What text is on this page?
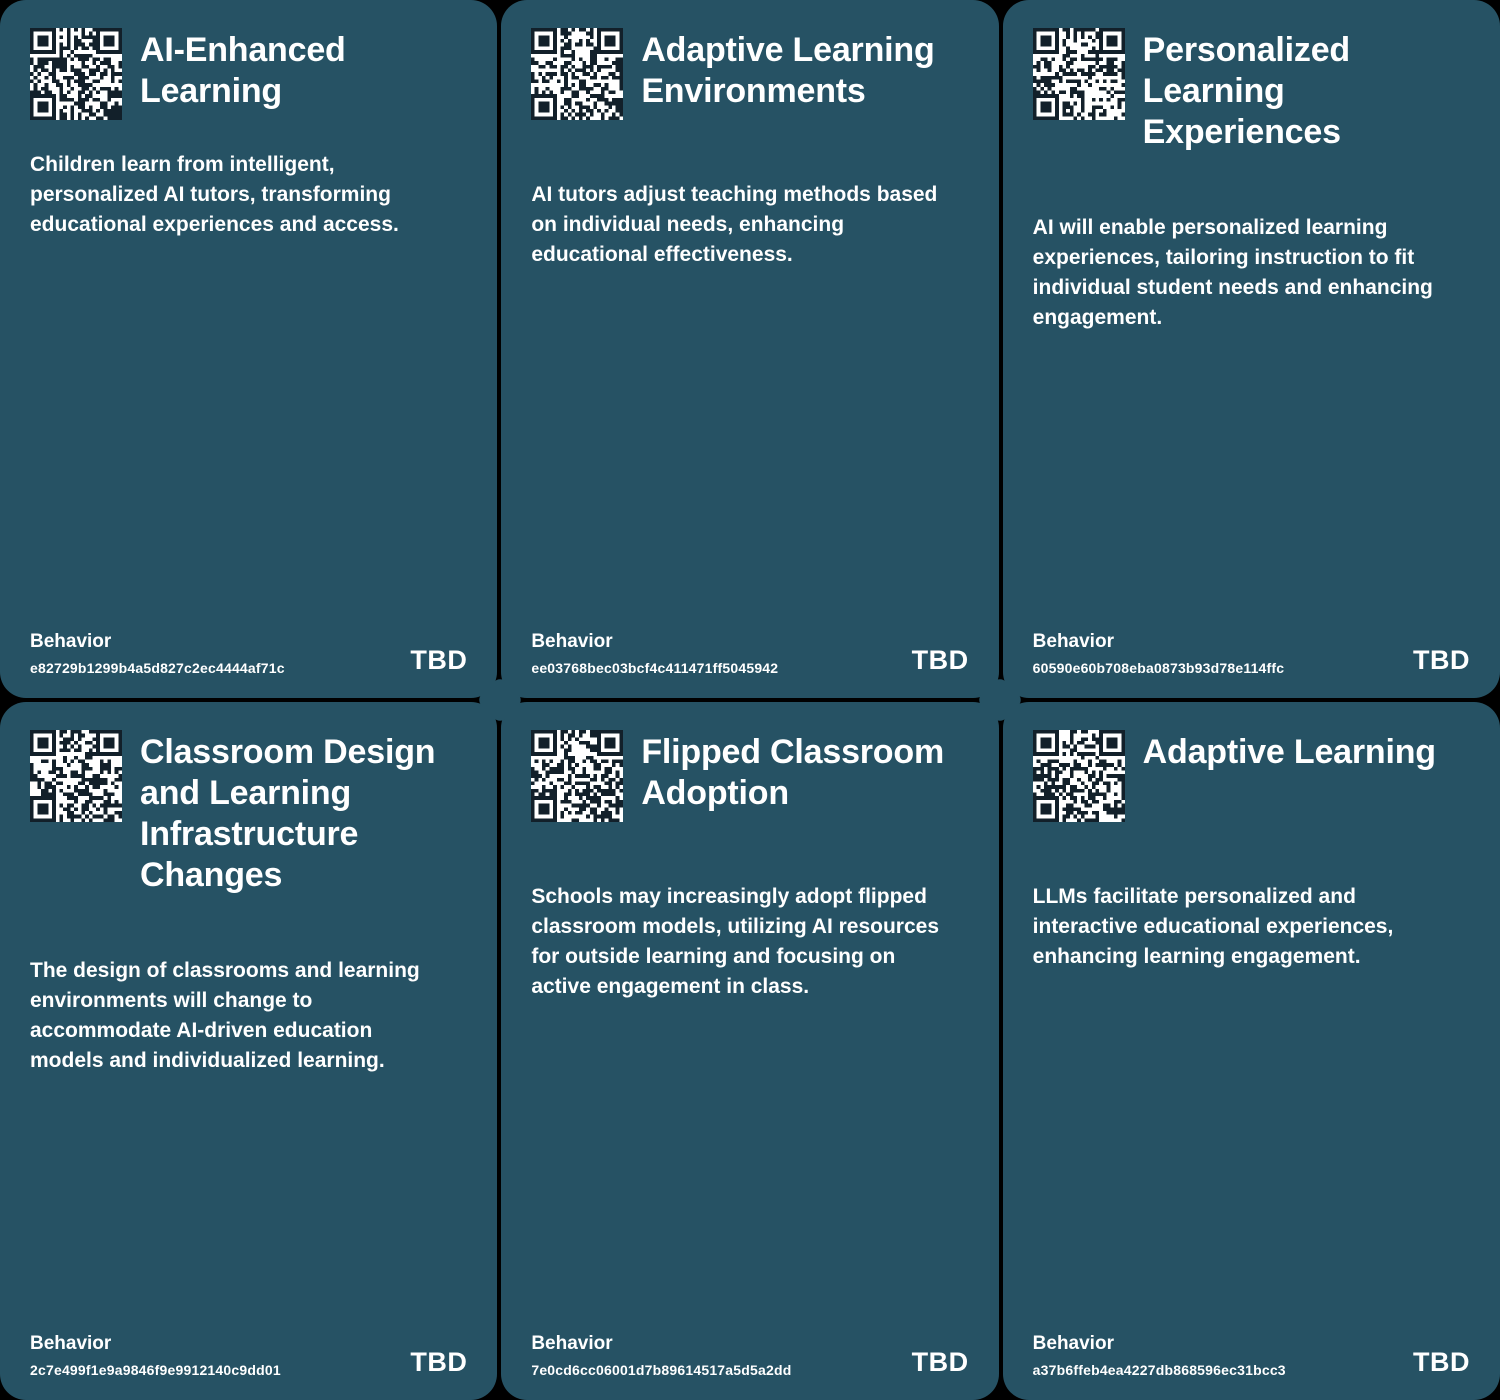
AI-Enhanced Learning
Children learn from intelligent, personalized AI tutors, transforming educational experiences and access.
Behavior
e82729b1299b4a5d827c2ec4444af71c	TBD
Adaptive Learning Environments
AI tutors adjust teaching methods based on individual needs, enhancing educational effectiveness.
Behavior
ee03768bec03bcf4c411471ff5045942	TBD
Personalized Learning Experiences
AI will enable personalized learning experiences, tailoring instruction to fit individual student needs and enhancing engagement.
Behavior
60590e60b708eba0873b93d78e114ffc	TBD
Classroom Design and Learning Infrastructure Changes
The design of classrooms and learning environments will change to accommodate AI-driven education models and individualized learning.
Behavior
2c7e499f1e9a9846f9e9912140c9dd01	TBD
Flipped Classroom Adoption
Schools may increasingly adopt flipped classroom models, utilizing AI resources for outside learning and focusing on active engagement in class.
Behavior
7e0cd6cc06001d7b89614517a5d5a2dd	TBD
Adaptive Learning
LLMs facilitate personalized and interactive educational experiences, enhancing learning engagement.
Behavior
a37b6ffeb4ea4227db868596ec31bcc3	TBD
